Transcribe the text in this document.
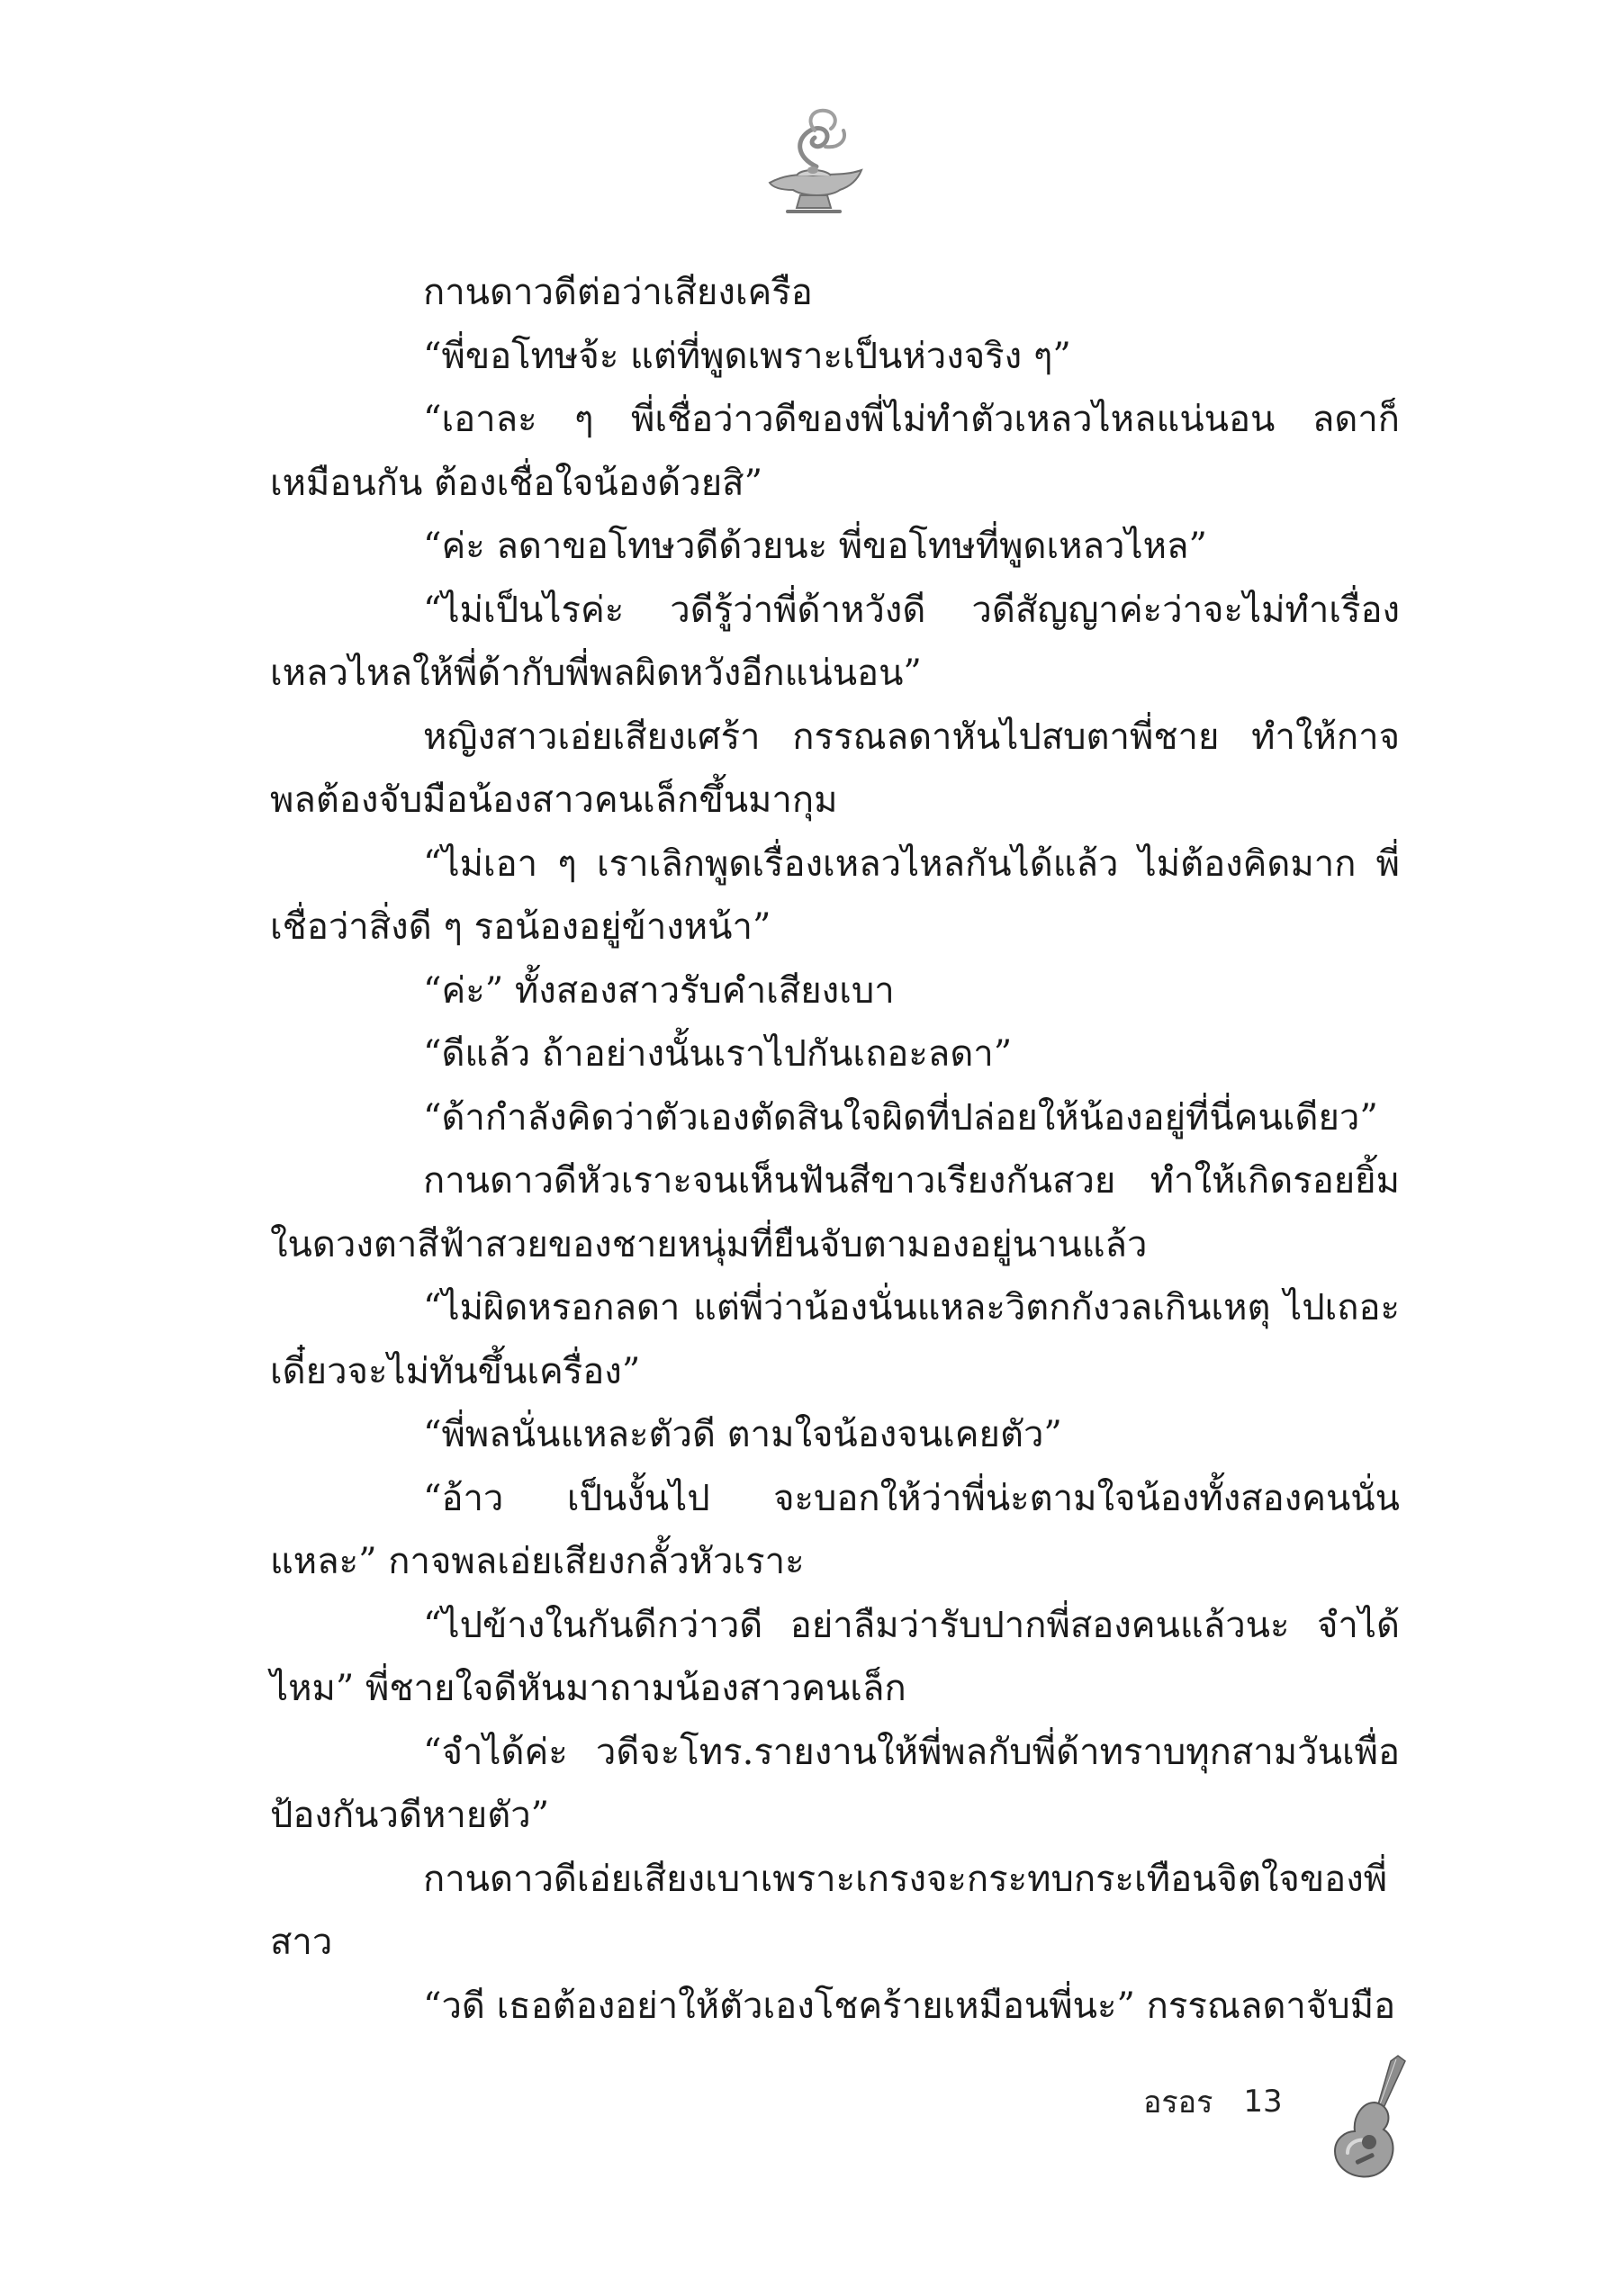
กานดาวดีต่อว่าเสียงเครือ

“พี่ขอโทษจ้ะ แต่ที่พูดเพราะเป็นห่วงจริง ๆ”

“เอาละ ๆ พี่เชื่อว่าวดีของพี่ไม่ทำตัวเหลวไหลแน่นอน ลดาก็เหมือนกัน ต้องเชื่อใจน้องด้วยสิ”

“ค่ะ ลดาขอโทษวดีด้วยนะ พี่ขอโทษที่พูดเหลวไหล”

“ไม่เป็นไรค่ะ วดีรู้ว่าพี่ด้าหวังดี วดีสัญญาค่ะว่าจะไม่ทำเรื่องเหลวไหลให้พี่ด้ากับพี่พลผิดหวังอีกแน่นอน”

หญิงสาวเอ่ยเสียงเศร้า กรรณลดาหันไปสบตาพี่ชาย ทำให้กาจพลต้องจับมือน้องสาวคนเล็กขึ้นมากุม

“ไม่เอา ๆ เราเลิกพูดเรื่องเหลวไหลกันได้แล้ว ไม่ต้องคิดมาก พี่เชื่อว่าสิ่งดี ๆ รอน้องอยู่ข้างหน้า”

“ค่ะ” ทั้งสองสาวรับคำเสียงเบา

“ดีแล้ว ถ้าอย่างนั้นเราไปกันเถอะลดา”

“ด้ากำลังคิดว่าตัวเองตัดสินใจผิดที่ปล่อยให้น้องอยู่ที่นี่คนเดียว”

กานดาวดีหัวเราะจนเห็นฟันสีขาวเรียงกันสวย ทำให้เกิดรอยยิ้มในดวงตาสีฟ้าสวยของชายหนุ่มที่ยืนจับตามองอยู่นานแล้ว

“ไม่ผิดหรอกลดา แต่พี่ว่าน้องนั่นแหละวิตกกังวลเกินเหตุ ไปเถอะเดี๋ยวจะไม่ทันขึ้นเครื่อง”

“พี่พลนั่นแหละตัวดี ตามใจน้องจนเคยตัว”

“อ้าว เป็นงั้นไป จะบอกให้ว่าพี่น่ะตามใจน้องทั้งสองคนนั่นแหละ” กาจพลเอ่ยเสียงกลั้วหัวเราะ

“ไปข้างในกันดีกว่าวดี อย่าลืมว่ารับปากพี่สองคนแล้วนะ จำได้ไหม” พี่ชายใจดีหันมาถามน้องสาวคนเล็ก

“จำได้ค่ะ วดีจะโทร.รายงานให้พี่พลกับพี่ด้าทราบทุกสามวันเพื่อป้องกันวดีหายตัว”

กานดาวดีเอ่ยเสียงเบาเพราะเกรงจะกระทบกระเทือนจิตใจของพี่สาว

“วดี เธอต้องอย่าให้ตัวเองโชคร้ายเหมือนพี่นะ” กรรณลดาจับมือ

อรอร 13
